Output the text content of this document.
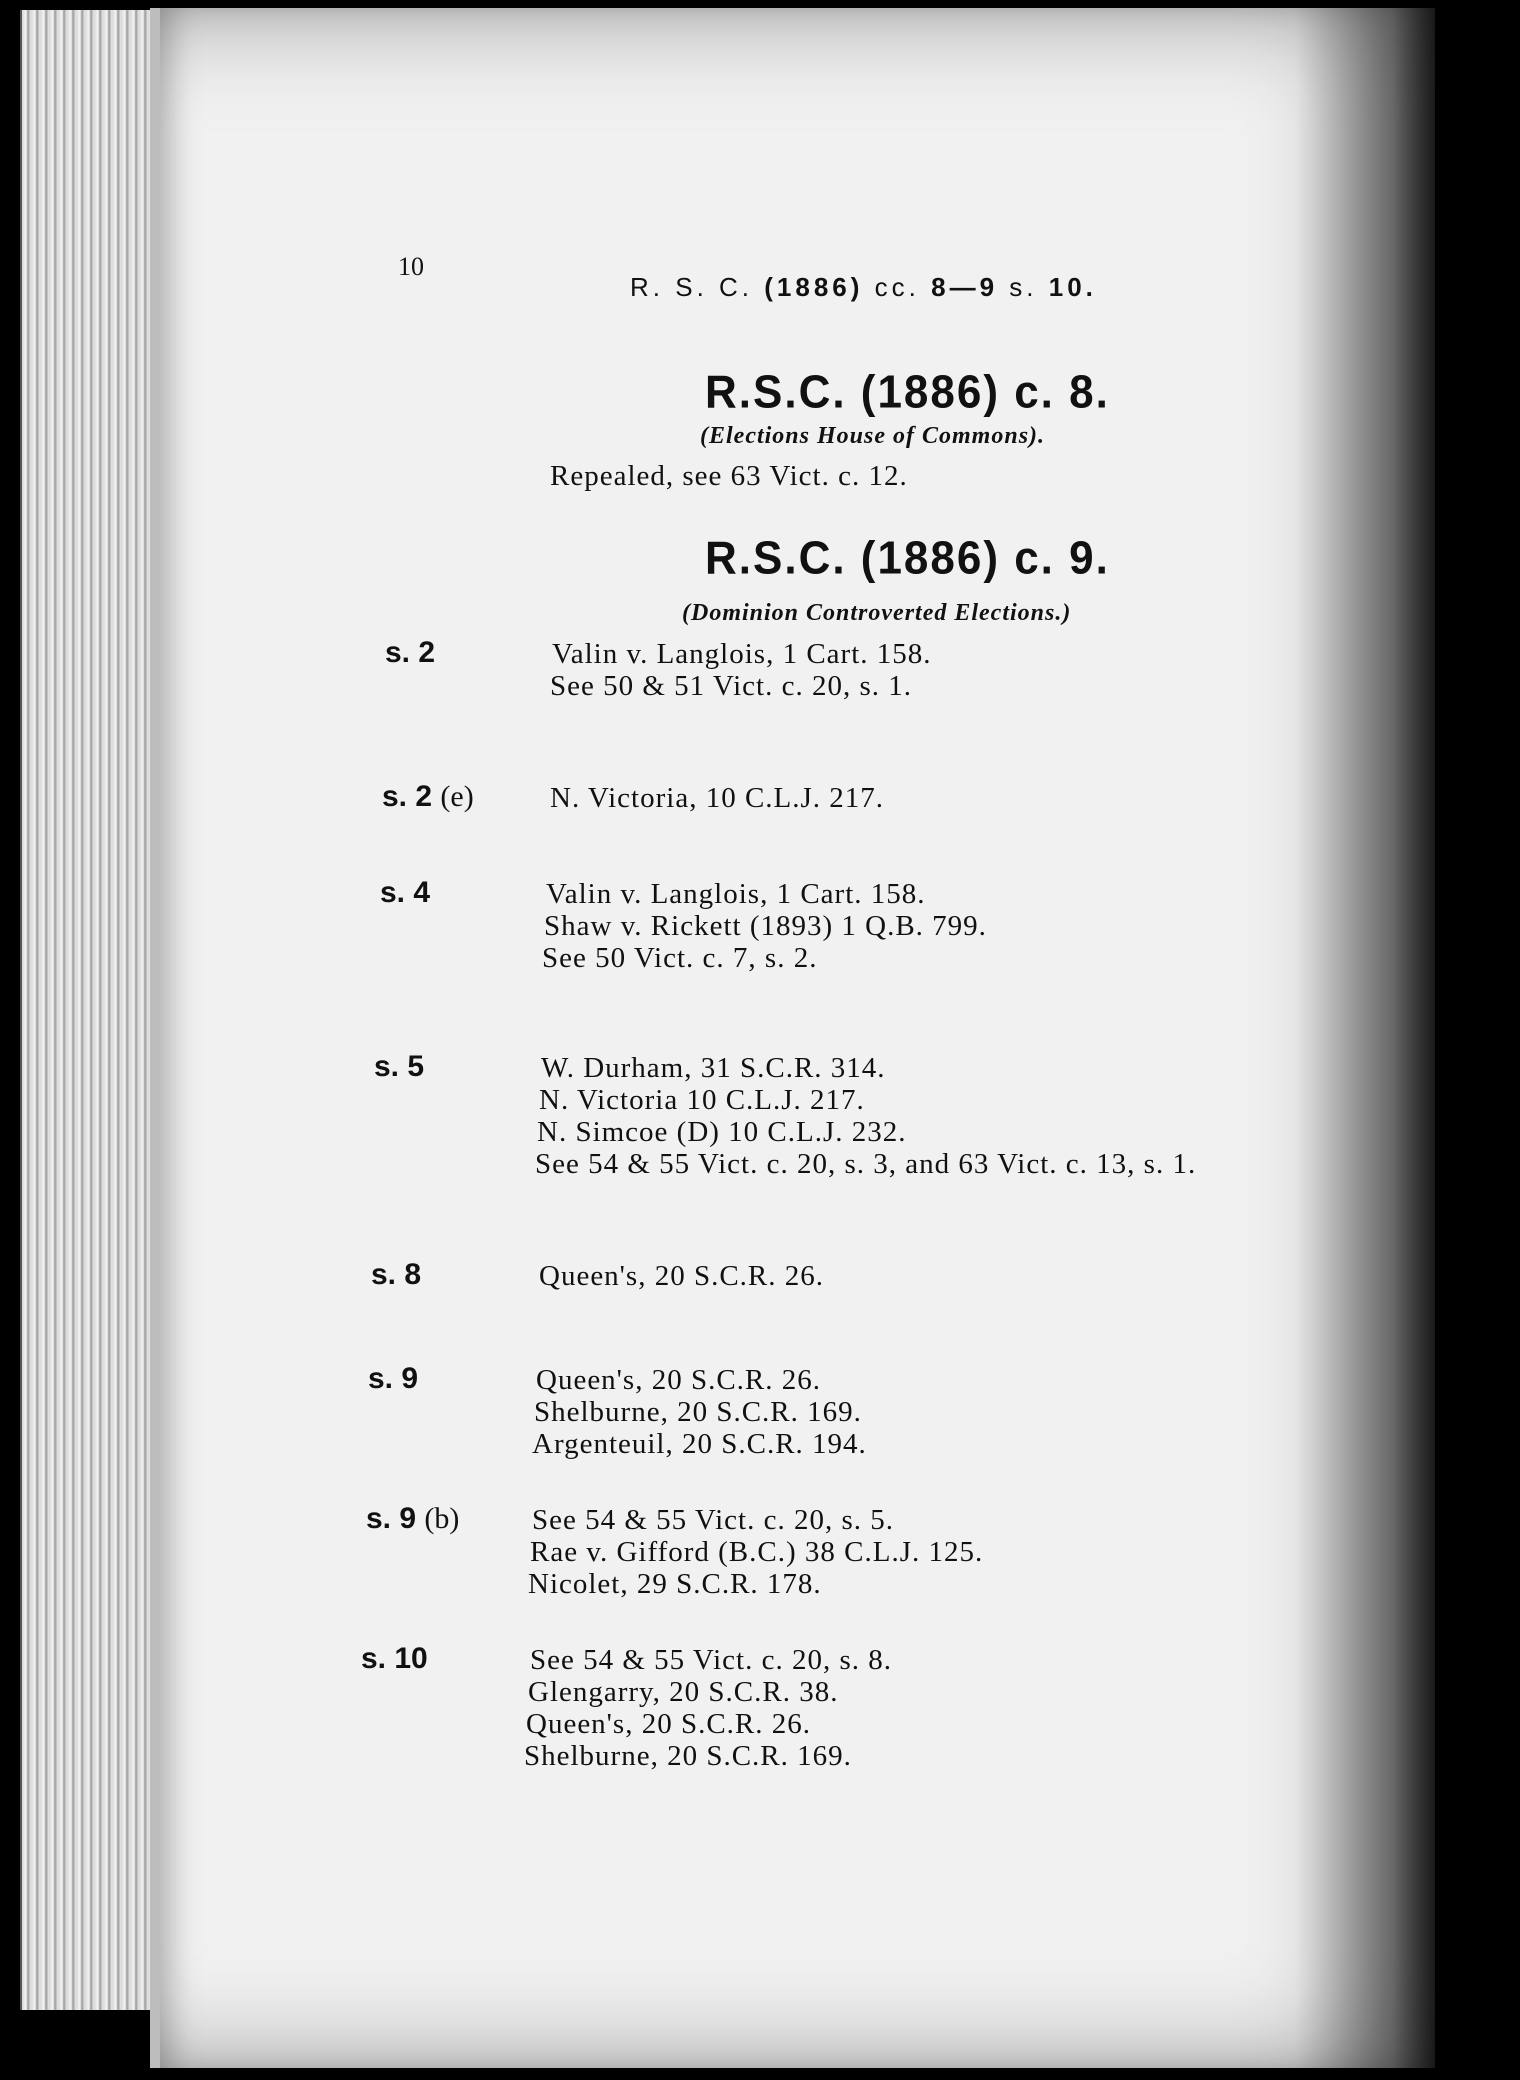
10
R. S. C. (1886) cc. 8—9 s. 10.
R.S.C. (1886) c. 8.
(Elections House of Commons).
Repealed, see 63 Vict. c. 12.
R.S.C. (1886) c. 9.
(Dominion Controverted Elections.)
s. 2	Valin v. Langlois, 1 Cart. 158.
See 50 & 51 Vict. c. 20, s. 1.
s. 2 (e)	N. Victoria, 10 C.L.J. 217.
s. 4	Valin v. Langlois, 1 Cart. 158.
Shaw v. Rickett (1893) 1 Q.B. 799.
See 50 Vict. c. 7, s. 2.
s. 5	W. Durham, 31 S.C.R. 314.
N. Victoria 10 C.L.J. 217.
N. Simcoe (D) 10 C.L.J. 232.
See 54 & 55 Vict. c. 20, s. 3, and 63 Vict. c. 13, s. 1.
s. 8	Queen's, 20 S.C.R. 26.
s. 9	Queen's, 20 S.C.R. 26.
Shelburne, 20 S.C.R. 169.
Argenteuil, 20 S.C.R. 194.
s. 9 (b)	See 54 & 55 Vict. c. 20, s. 5.
Rae v. Gifford (B.C.) 38 C.L.J. 125.
Nicolet, 29 S.C.R. 178.
s. 10	See 54 & 55 Vict. c. 20, s. 8.
Glengarry, 20 S.C.R. 38.
Queen's, 20 S.C.R. 26.
Shelburne, 20 S.C.R. 169.
